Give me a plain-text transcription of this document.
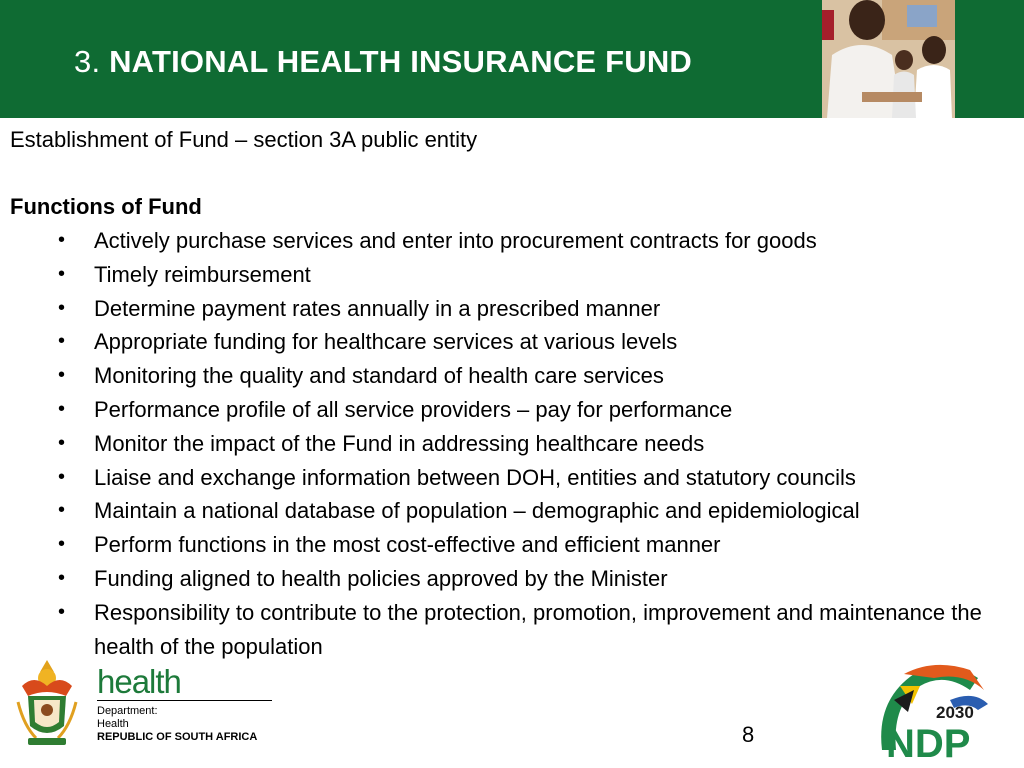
3. NATIONAL HEALTH INSURANCE FUND
Establishment of Fund – section 3A public entity
Functions of Fund
• Actively purchase services and enter into procurement contracts for goods
• Timely reimbursement
• Determine payment rates annually in a prescribed manner
• Appropriate funding for healthcare services at various levels
• Monitoring the quality and standard of health care services
• Performance profile of all service providers – pay for performance
• Monitor the impact of the Fund in addressing healthcare needs
• Liaise and exchange information between DOH, entities and statutory councils
• Maintain a national database of population – demographic and epidemiological
• Perform functions in the most cost-effective and efficient manner
• Funding aligned to health policies approved by the Minister
• Responsibility to contribute to the protection, promotion, improvement and maintenance the health of the population
health
Department:
Health
REPUBLIC OF SOUTH AFRICA	8
2030
NDP
